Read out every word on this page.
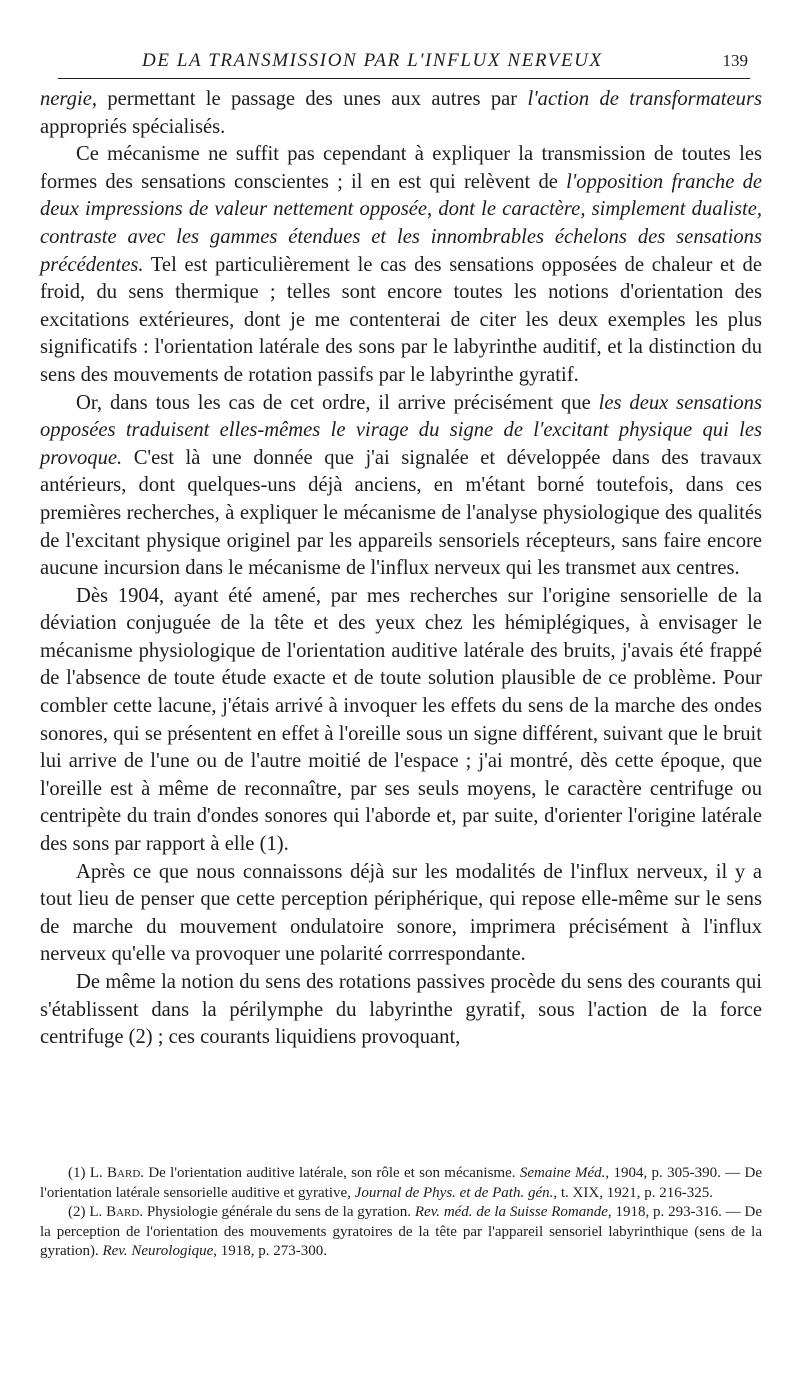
DE LA TRANSMISSION PAR L'INFLUX NERVEUX	139

nergie, permettant le passage des unes aux autres par l'action de transformateurs appropriés spécialisés.

Ce mécanisme ne suffit pas cependant à expliquer la transmission de toutes les formes des sensations conscientes ; il en est qui relèvent de l'opposition franche de deux impressions de valeur nettement opposée, dont le caractère, simplement dualiste, contraste avec les gammes étendues et les innombrables échelons des sensations précédentes. Tel est particulièrement le cas des sensations opposées de chaleur et de froid, du sens thermique ; telles sont encore toutes les notions d'orientation des excitations extérieures, dont je me contenterai de citer les deux exemples les plus significatifs : l'orientation latérale des sons par le labyrinthe auditif, et la distinction du sens des mouvements de rotation passifs par le labyrinthe gyratif.

Or, dans tous les cas de cet ordre, il arrive précisément que les deux sensations opposées traduisent elles-mêmes le virage du signe de l'excitant physique qui les provoque. C'est là une donnée que j'ai signalée et développée dans des travaux antérieurs, dont quelques-uns déjà anciens, en m'étant borné toutefois, dans ces premières recherches, à expliquer le mécanisme de l'analyse physiologique des qualités de l'excitant physique originel par les appareils sensoriels récepteurs, sans faire encore aucune incursion dans le mécanisme de l'influx nerveux qui les transmet aux centres.

Dès 1904, ayant été amené, par mes recherches sur l'origine sensorielle de la déviation conjuguée de la tête et des yeux chez les hémiplégiques, à envisager le mécanisme physiologique de l'orientation auditive latérale des bruits, j'avais été frappé de l'absence de toute étude exacte et de toute solution plausible de ce problème. Pour combler cette lacune, j'étais arrivé à invoquer les effets du sens de la marche des ondes sonores, qui se présentent en effet à l'oreille sous un signe différent, suivant que le bruit lui arrive de l'une ou de l'autre moitié de l'espace ; j'ai montré, dès cette époque, que l'oreille est à même de reconnaître, par ses seuls moyens, le caractère centrifuge ou centripète du train d'ondes sonores qui l'aborde et, par suite, d'orienter l'origine latérale des sons par rapport à elle (1).

Après ce que nous connaissons déjà sur les modalités de l'influx nerveux, il y a tout lieu de penser que cette perception périphérique, qui repose elle-même sur le sens de marche du mouvement ondulatoire sonore, imprimera précisément à l'influx nerveux qu'elle va provoquer une polarité corrrespondante.

De même la notion du sens des rotations passives procède du sens des courants qui s'établissent dans la périlymphe du labyrinthe gyratif, sous l'action de la force centrifuge (2) ; ces courants liquidiens provoquant,

(1) L. Bard. De l'orientation auditive latérale, son rôle et son mécanisme. Semaine Méd., 1904, p. 305-390. — De l'orientation latérale sensorielle auditive et gyrative, Journal de Phys. et de Path. gén., t. XIX, 1921, p. 216-325.

(2) L. Bard. Physiologie générale du sens de la gyration. Rev. méd. de la Suisse Romande, 1918, p. 293-316. — De la perception de l'orientation des mouvements gyratoires de la tête par l'appareil sensoriel labyrinthique (sens de la gyration). Rev. Neurologique, 1918, p. 273-300.
